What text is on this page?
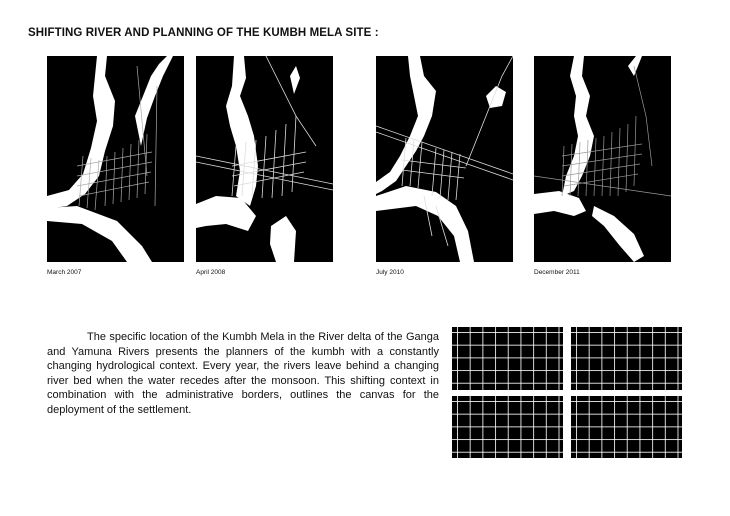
SHIFTING RIVER AND PLANNING OF THE KUMBH MELA SITE :
March 2007	April 2008	July 2010	December 2011
The specific location of the Kumbh Mela in the River delta of the Ganga and Yamuna Rivers presents the planners of the kumbh with a constantly changing hydrological context. Every year, the rivers leave behind a changing river bed when the water recedes after the monsoon. This shifting context in combination with the administrative borders, outlines the canvas for the deployment of the settlement.
